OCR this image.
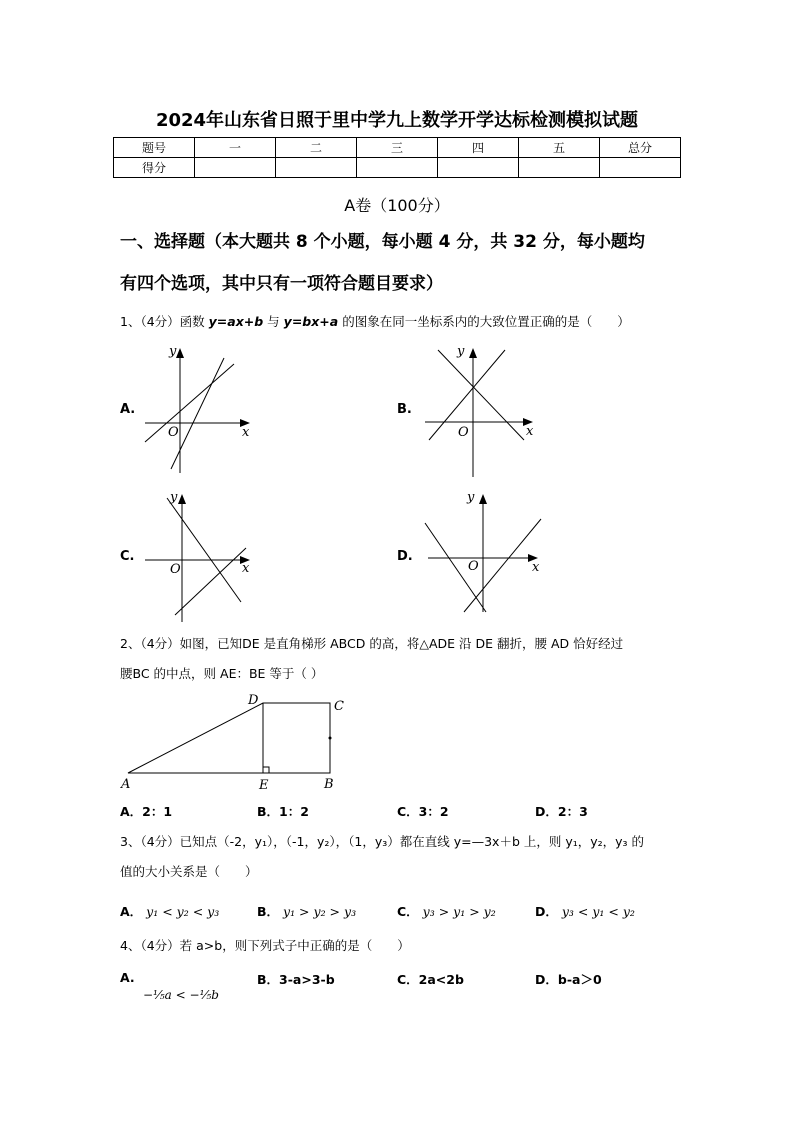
2024年山东省日照于里中学九上数学开学达标检测模拟试题
题号	一	二	三	四	五	总分
得分						
A卷（100分）
一、选择题（本大题共 8 个小题，每小题 4 分，共 32 分，每小题均
有四个选项，其中只有一项符合题目要求）
1、（4分）函数 y=ax+b 与 y=bx+a 的图象在同一坐标系内的大致位置正确的是（　　）
A.
x
y
O
B.
x
y
O
C.
x
y
O
D.
x
y
O
2、（4分）如图，已知DE 是直角梯形 ABCD 的高，将△ADE 沿 DE 翻折，腰 AD 恰好经过
腰BC 的中点，则 AE：BE 等于（ ）
A	B
C
D
E
A．2：1	B．1：2	C．3：2	D．2：3
3、（4分）已知点（-2，y₁），（-1，y₂），（1，y₃）都在直线 y=—3x＋b 上，则 y₁，y₂，y₃ 的
值的大小关系是（　　）
A． y₁ < y₂ < y₃	B． y₁ > y₂ > y₃	C． y₃ > y₁ > y₂	D． y₃ < y₁ < y₂
4、（4分）若 a>b，则下列式子中正确的是（　　）
A.
−⅕a < −⅕b
B．3-a>3-b	C．2a<2b	D．b-a＞0
